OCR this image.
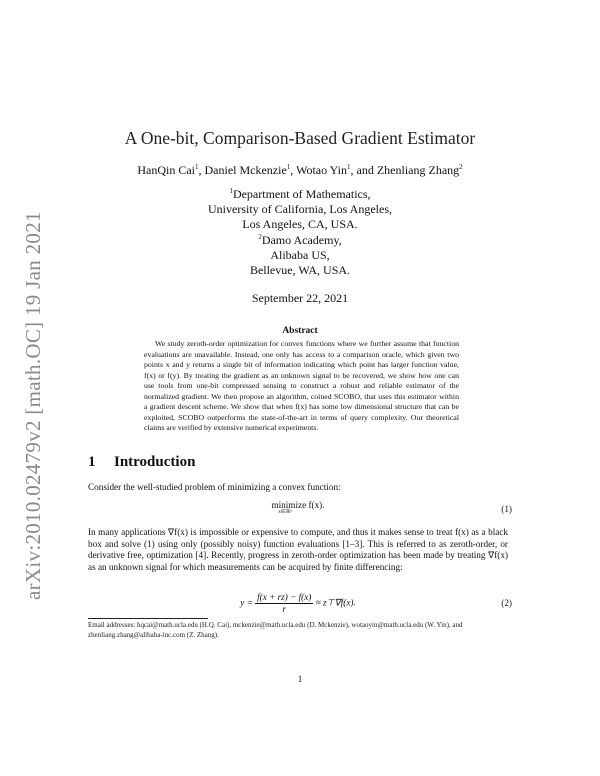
arXiv:2010.02479v2 [math.OC] 19 Jan 2021
A One-bit, Comparison-Based Gradient Estimator
HanQin Cai$^1$, Daniel Mckenzie$^1$, Wotao Yin$^1$, and Zhenliang Zhang$^2$
$^1$Department of Mathematics,
University of California, Los Angeles,
Los Angeles, CA, USA.
$^2$Damo Academy,
Alibaba US,
Bellevue, WA, USA.
September 22, 2021
Abstract
We study zeroth-order optimization for convex functions where we further assume that function evaluations are unavailable. Instead, one only has access to a comparison oracle, which given two points x and y returns a single bit of information indicating which point has larger function value, f(x) or f(y). By treating the gradient as an unknown signal to be recovered, we show how one can use tools from one-bit compressed sensing to construct a robust and reliable estimator of the normalized gradient. We then propose an algorithm, coined SCOBO, that uses this estimator within a gradient descent scheme. We show that when f(x) has some low dimensional structure that can be exploited, SCOBO outperforms the state-of-the-art in terms of query complexity. Our theoretical claims are verified by extensive numerical experiments.
1 Introduction
Consider the well-studied problem of minimizing a convex function:
minimize f(x).
x∈ℝᵈ	(1)
In many applications ∇f(x) is impossible or expensive to compute, and thus it makes sense to treat f(x) as a black box and solve (1) using only (possibly noisy) function evaluations [1–3]. This is referred to as zeroth-order, or derivative free, optimization [4]. Recently, progress in zeroth-order optimization has been made by treating ∇f(x) as an unknown signal for which measurements can be acquired by finite differencing:
$y = \frac{f(x + rz) - f(x)}{r}$ ≈ z⊤∇f(x).	(2)
Email addresses: hqcai@math.ucla.edu (H.Q. Cai), mckenzie@math.ucla.edu (D. Mckenzie), wotaoyin@math.ucla.edu (W. Yin), and zhenliang.zhang@alibaba-inc.com (Z. Zhang).
1
